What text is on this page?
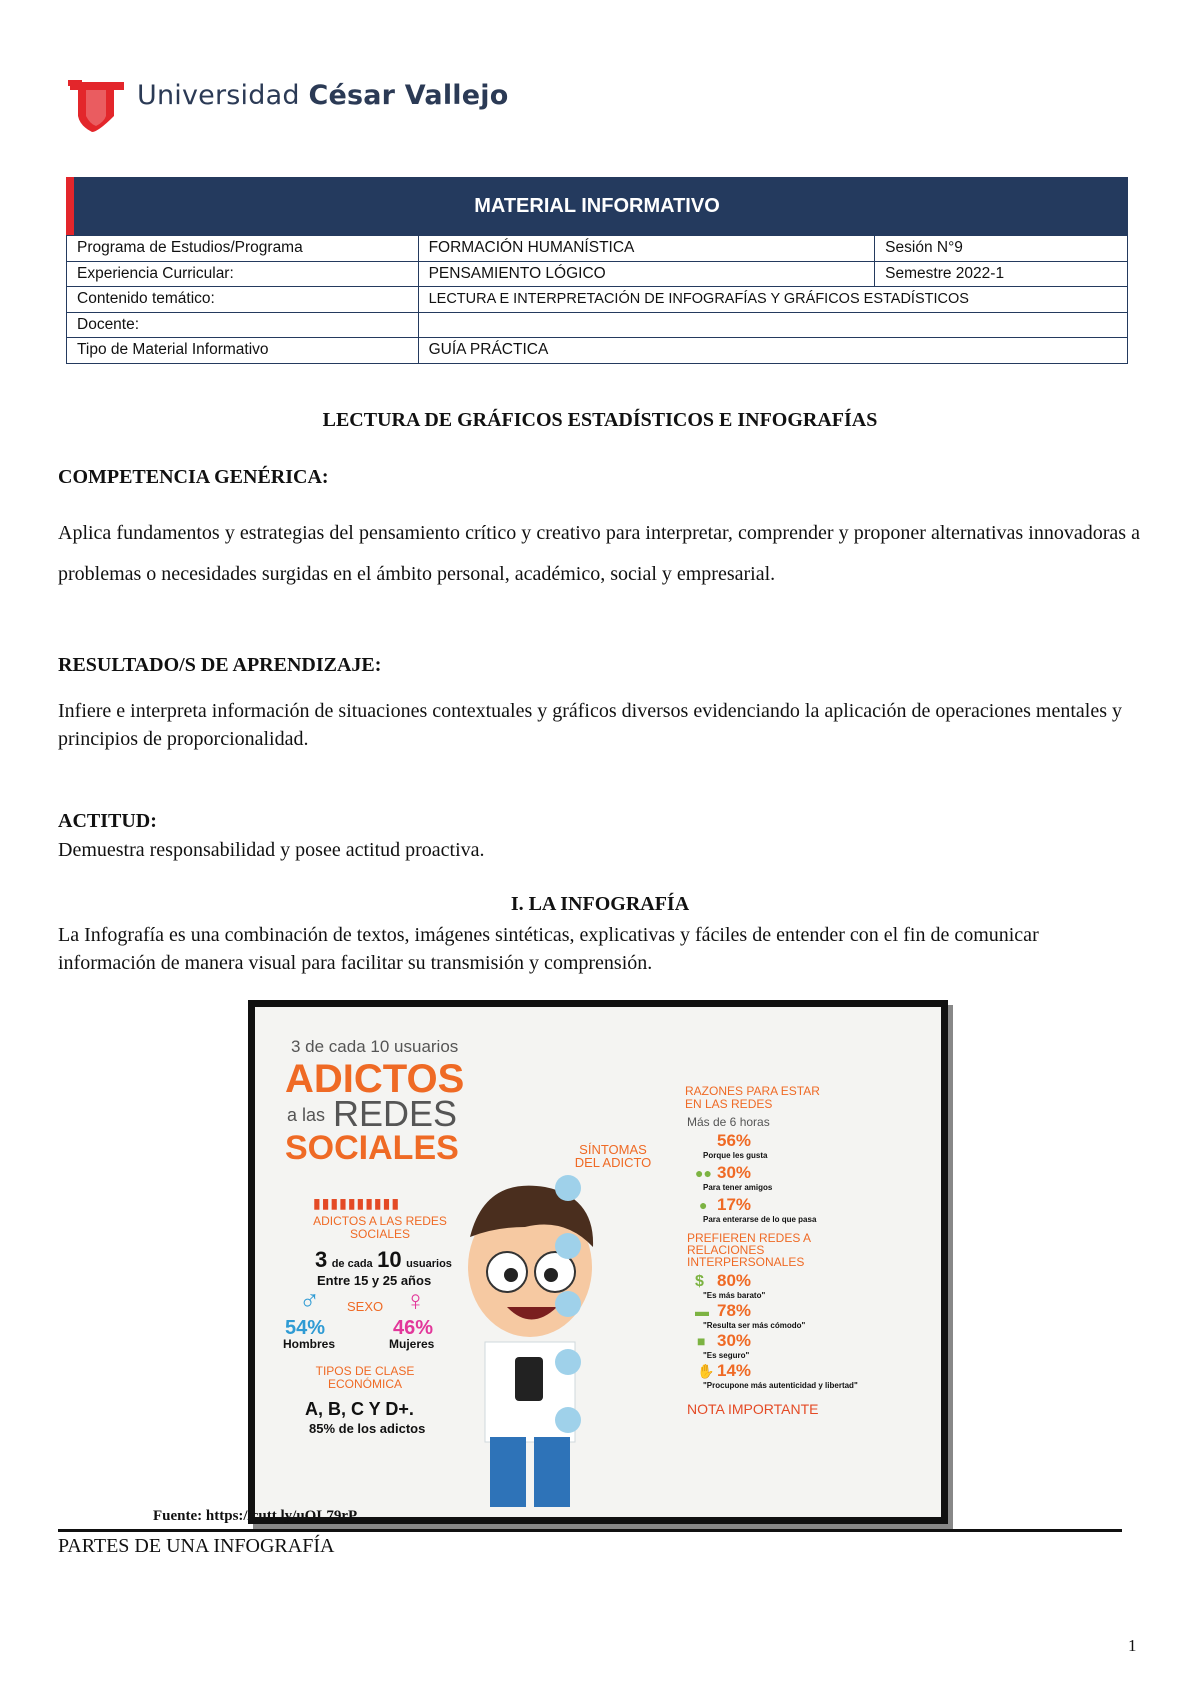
Universidad César Vallejo
MATERIAL INFORMATIVO
Programa de Estudios/Programa	FORMACIÓN HUMANÍSTICA	Sesión N°9
Experiencia Curricular:	PENSAMIENTO LÓGICO	Semestre 2022-1
Contenido temático:	LECTURA E INTERPRETACIÓN DE INFOGRAFÍAS Y GRÁFICOS ESTADÍSTICOS	
Docente:		
Tipo de Material Informativo	GUÍA PRÁCTICA	
LECTURA DE GRÁFICOS ESTADÍSTICOS E INFOGRAFÍAS
COMPETENCIA GENÉRICA:
Aplica fundamentos y estrategias del pensamiento crítico y creativo para interpretar, comprender y proponer alternativas innovadoras a problemas o necesidades surgidas en el ámbito personal, académico, social y empresarial.
RESULTADO/S DE APRENDIZAJE:
Infiere e interpreta información de situaciones contextuales y gráficos diversos evidenciando la aplicación de operaciones mentales y principios de proporcionalidad.
ACTITUD:
Demuestra responsabilidad y posee actitud proactiva.
I. LA INFOGRAFÍA
La Infografía es una combinación de textos, imágenes sintéticas, explicativas y fáciles de entender con el fin de comunicar información de manera visual para facilitar su transmisión y comprensión.
3 de cada 10 usuarios
ADICTOS
a las REDES
SOCIALES
▮▮▮▮▮▮▮▮▮▮
ADICTOS A LAS REDES SOCIALES
3 de cada 10 usuarios
Entre 15 y 25 años
SEXO
♂	♀
54%
Hombres
46%
Mujeres
TIPOS DE CLASE ECONÓMICA
A, B, C Y D+.
85% de los adictos
SÍNTOMAS DEL ADICTO
RAZONES PARA ESTAR EN LAS REDES
Más de 6 horas
56%
Porque les gusta
●● 30%
Para tener amigos
● 17%
Para enterarse de lo que pasa
PREFIEREN REDES A RELACIONES INTERPERSONALES
$ 80%
"Es más barato"
▬ 78%
"Resulta ser más cómodo"
■ 30%
"Es seguro"
✋ 14%
"Procupone más autenticidad y libertad"
NOTA IMPORTANTE
Fuente: https://cutt.ly/uOL79rP
PARTES DE UNA INFOGRAFÍA
1
